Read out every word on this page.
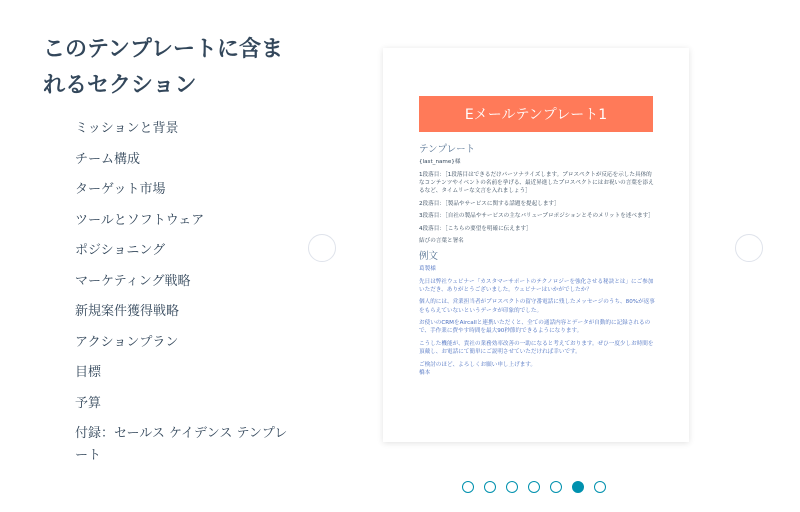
このテンプレートに含まれるセクション
ミッションと背景
チーム構成
ターゲット市場
ツールとソフトウェア
ポジショニング
マーケティング戦略
新規案件獲得戦略
アクションプラン
目標
予算
付録：セールス ケイデンス テンプレート
Eメールテンプレート1
テンプレート

{last_name}様

1段落目：［1段落目はできるだけパーソナライズします。プロスペクトが反応を示した具体的なコンテンツやイベントの名前を挙げる、最近昇進したプロスペクトにはお祝いの言葉を添えるなど、タイムリーな文言を入れましょう］

2段落目：［製品やサービスに関する話題を提起します］

3段落目：［自社の製品やサービスの主なバリュープロポジションとそのメリットを述べます］

4段落目：［こちらの要望を明確に伝えます］

結びの言葉と署名

例文

葛製様

先日は弊社ウェビナー「カスタマーサポートのテクノロジーを強化させる秘訣とは」にご参加いただき、ありがとうございました。ウェビナーはいかがでしたか？

個人的には、営業担当者がプロスペクトの留守番電話に残したメッセージのうち、80%が返事をもらえていないというデータが印象的でした。

お使いのCRMをAircallと連携いただくと、全ての通話内容とデータが自動的に記録されるので、手作業に費やす時間を最大90秒節約できるようになります。

こうした機能が、貴社の業務効率改善の一助になると考えております。ぜひ一度少しお時間を頂戴し、お電話にて簡単にご説明させていただければ幸いです。

ご検討のほど、よろしくお願い申し上げます。
橋本
